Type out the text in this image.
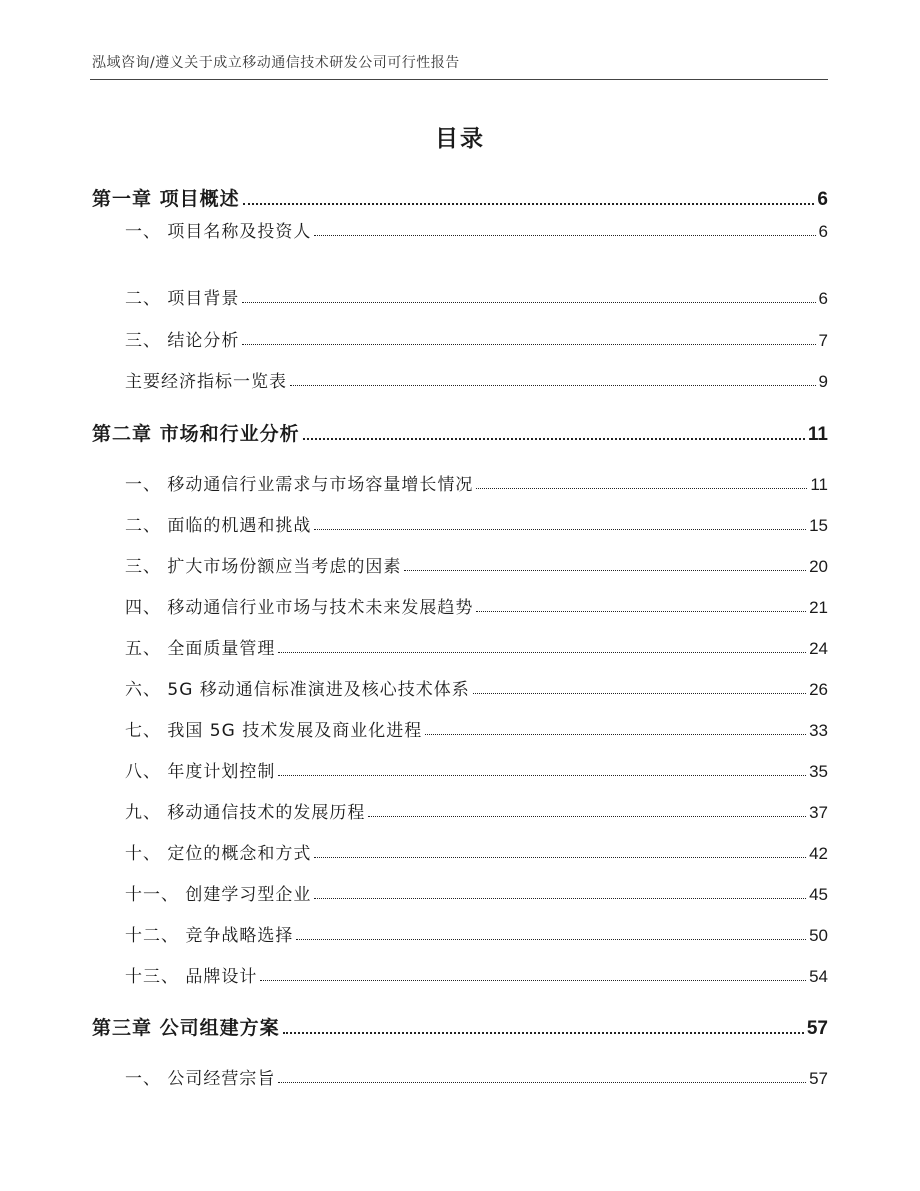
泓域咨询/遵义关于成立移动通信技术研发公司可行性报告
目录
第一章 项目概述	6
一、 项目名称及投资人	6
二、 项目背景	6
三、 结论分析	7
主要经济指标一览表	9
第二章 市场和行业分析	11
一、 移动通信行业需求与市场容量增长情况	11
二、 面临的机遇和挑战	15
三、 扩大市场份额应当考虑的因素	20
四、 移动通信行业市场与技术未来发展趋势	21
五、 全面质量管理	24
六、 5G 移动通信标准演进及核心技术体系	26
七、 我国 5G 技术发展及商业化进程	33
八、 年度计划控制	35
九、 移动通信技术的发展历程	37
十、 定位的概念和方式	42
十一、 创建学习型企业	45
十二、 竞争战略选择	50
十三、 品牌设计	54
第三章 公司组建方案	57
一、 公司经营宗旨	57
